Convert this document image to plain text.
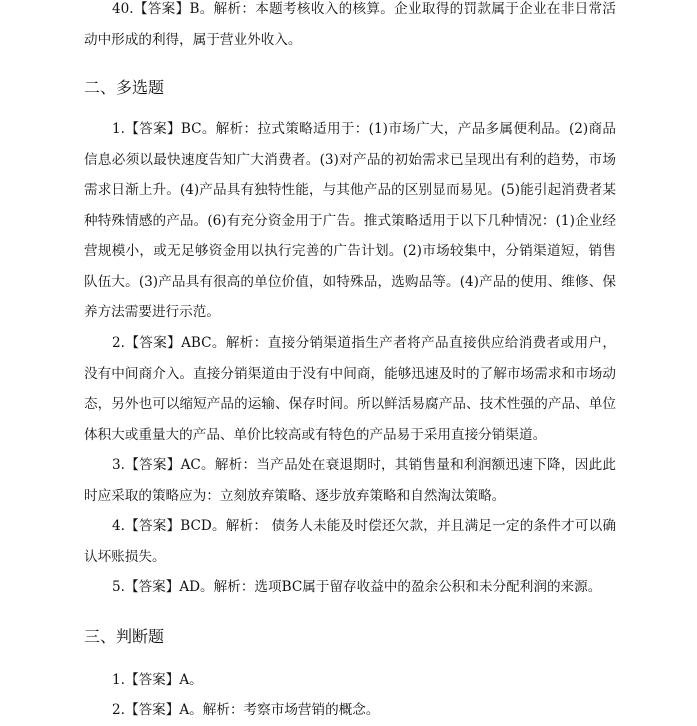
40.【答案】B。解析：本题考核收入的核算。企业取得的罚款属于企业在非日常活动中形成的利得，属于营业外收入。

二、多选题

1.【答案】BC。解析：拉式策略适用于：(1)市场广大，产品多属便利品。(2)商品信息必须以最快速度告知广大消费者。(3)对产品的初始需求已呈现出有利的趋势，市场需求日渐上升。(4)产品具有独特性能，与其他产品的区别显而易见。(5)能引起消费者某种特殊情感的产品。(6)有充分资金用于广告。推式策略适用于以下几种情况：(1)企业经营规模小，或无足够资金用以执行完善的广告计划。(2)市场较集中，分销渠道短，销售队伍大。(3)产品具有很高的单位价值，如特殊品，选购品等。(4)产品的使用、维修、保养方法需要进行示范。

2.【答案】ABC。解析：直接分销渠道指生产者将产品直接供应给消费者或用户，没有中间商介入。直接分销渠道由于没有中间商，能够迅速及时的了解市场需求和市场动态，另外也可以缩短产品的运输、保存时间。所以鲜活易腐产品、技术性强的产品、单位体积大或重量大的产品、单价比较高或有特色的产品易于采用直接分销渠道。

3.【答案】AC。解析：当产品处在衰退期时，其销售量和利润额迅速下降，因此此时应采取的策略应为：立刻放弃策略、逐步放弃策略和自然淘汰策略。

4.【答案】BCD。解析： 债务人未能及时偿还欠款，并且满足一定的条件才可以确认坏账损失。

5.【答案】AD。解析：选项BC属于留存收益中的盈余公积和未分配利润的来源。

三、判断题

1.【答案】A。

2.【答案】A。解析：考察市场营销的概念。
